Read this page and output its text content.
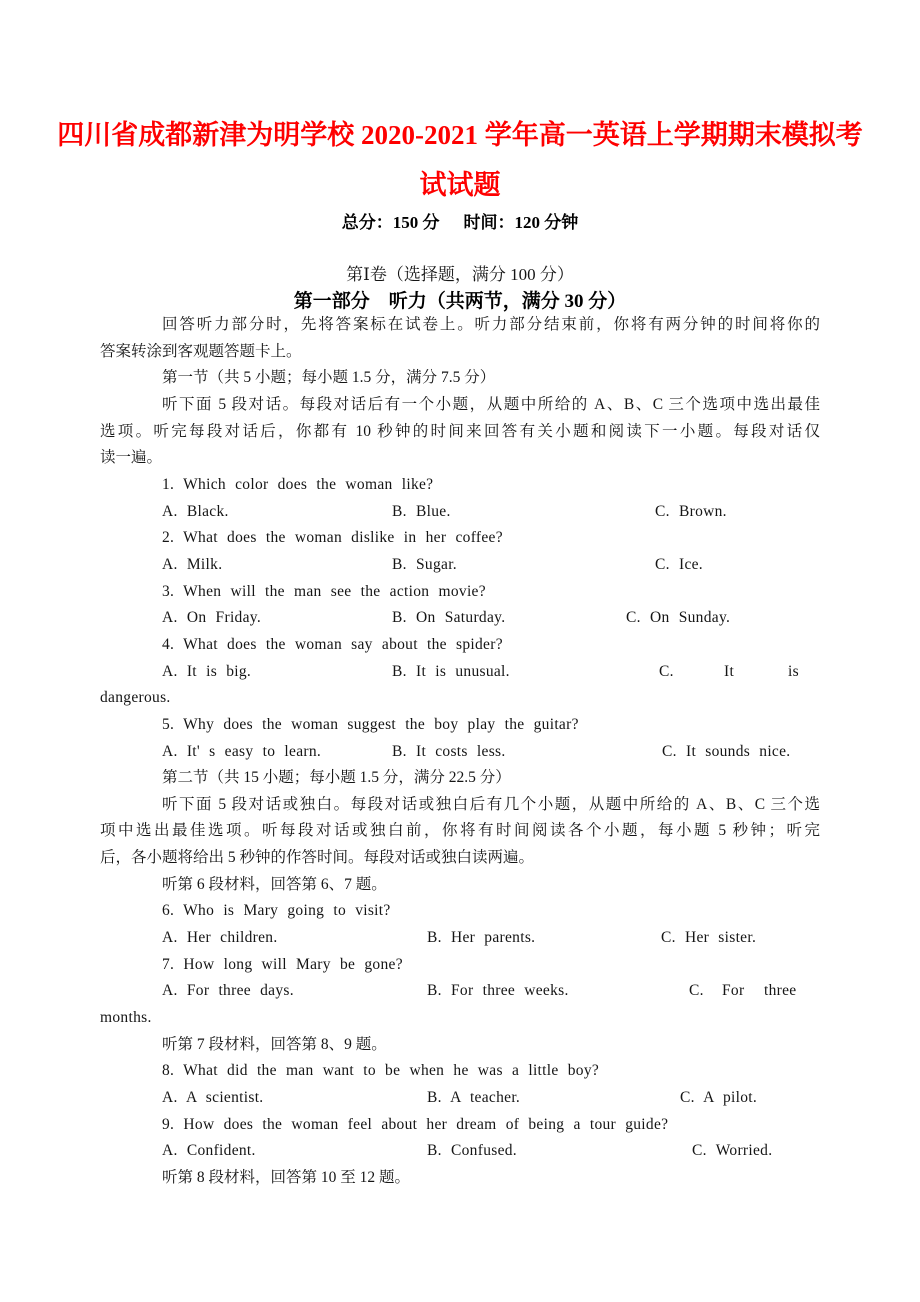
四川省成都新津为明学校 2020-2021 学年高一英语上学期期末模拟考
试试题
总分：150 分 时间：120 分钟
第Ⅰ卷（选择题，满分 100 分）
第一部分　听力（共两节，满分 30 分）
回答听力部分时，先将答案标在试卷上。听力部分结束前，你将有两分钟的时间将你的
答案转涂到客观题答题卡上。
第一节（共 5 小题；每小题 1.5 分，满分 7.5 分）
听下面 5 段对话。每段对话后有一个小题，从题中所给的 A、B、C 三个选项中选出最佳
选项。听完每段对话后，你都有 10 秒钟的时间来回答有关小题和阅读下一小题。每段对话仅
读一遍。
1. Which color does the woman like?
A. Black.	B. Blue.	C. Brown.
2. What does the woman dislike in her coffee?
A. Milk.	B. Sugar.	C. Ice.
3. When will the man see the action movie?
A. On Friday.	B. On Saturday.	C. On Sunday.
4. What does the woman say about the spider?
A. It is big.	B. It is unusual.	C.	It	is
dangerous.
5. Why does the woman suggest the boy play the guitar?
A. It' s easy to learn.	B. It costs less.	C. It sounds nice.
第二节（共 15 小题；每小题 1.5 分，满分 22.5 分）
听下面 5 段对话或独白。每段对话或独白后有几个小题，从题中所给的 A、B、C 三个选
项中选出最佳选项。听每段对话或独白前，你将有时间阅读各个小题，每小题 5 秒钟；听完
后，各小题将给出 5 秒钟的作答时间。每段对话或独白读两遍。
听第 6 段材料，回答第 6、7 题。
6. Who is Mary going to visit?
A. Her children.	B. Her parents.	C. Her sister.
7. How long will Mary be gone?
A. For three days.	B. For three weeks.	C. For three
months.
听第 7 段材料，回答第 8、9 题。
8. What did the man want to be when he was a little boy?
A. A scientist.	B. A teacher.	C. A pilot.
9. How does the woman feel about her dream of being a tour guide?
A. Confident.	B. Confused.	C. Worried.
听第 8 段材料，回答第 10 至 12 题。
